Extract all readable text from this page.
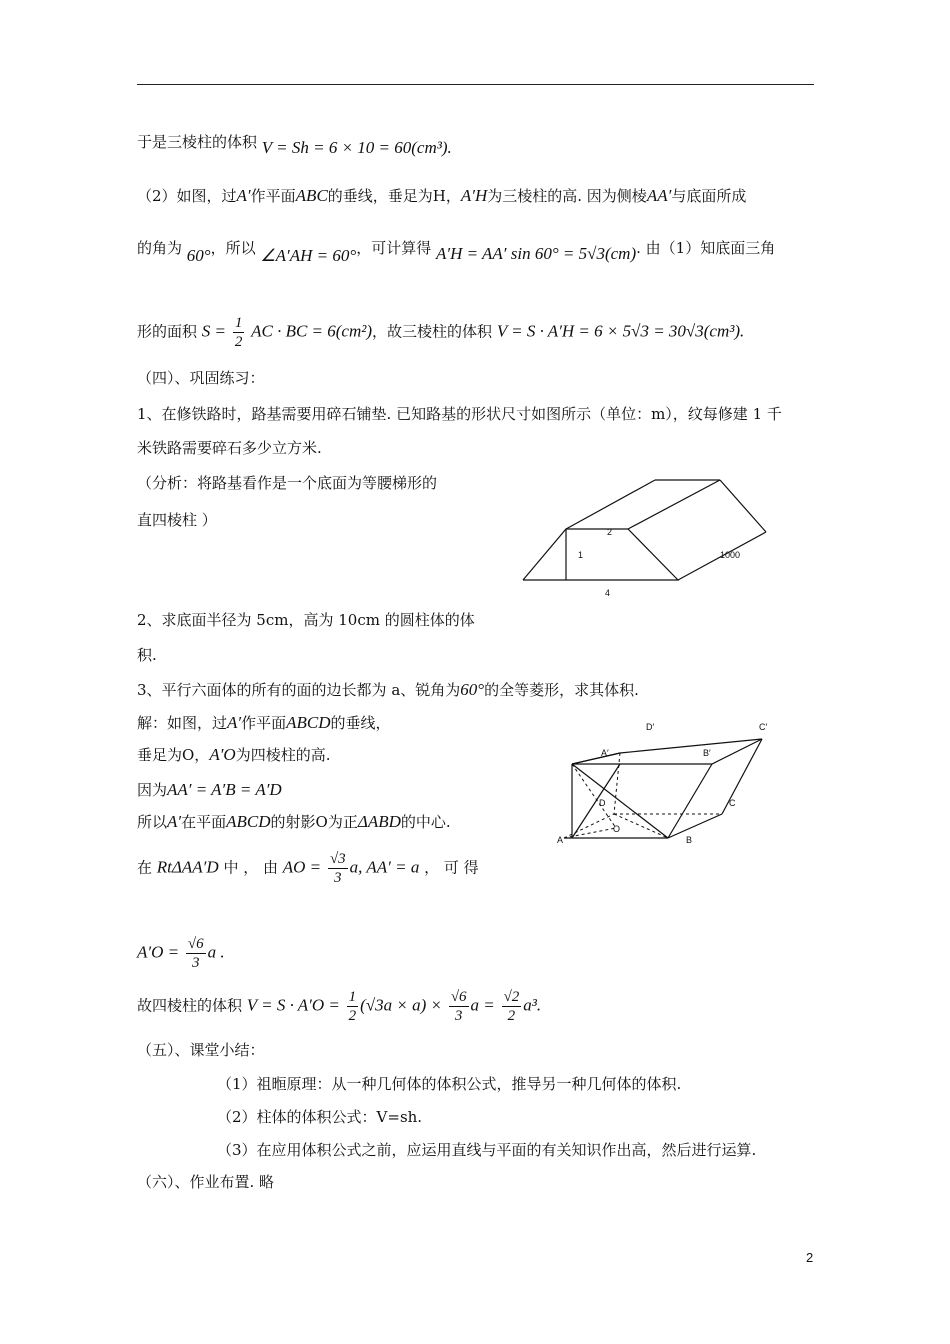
于是三棱柱的体积 V = Sh = 6 × 10 = 60(cm³).
（2）如图，过A′作平面ABC的垂线，垂足为H，A′H为三棱柱的高. 因为侧棱AA′与底面所成
的角为 60°，所以 ∠A′AH = 60°，可计算得 A′H = AA′ sin 60° = 5√3(cm). 由（1）知底面三角
形的面积 $S = \frac{1}{2}$ AC · BC = 6(cm²)，故三棱柱的体积 V = S · A′H = 6 × 5√3 = 30√3(cm³).
（四）、巩固练习：
1、在修铁路时，路基需要用碎石铺垫. 已知路基的形状尺寸如图所示（单位：m），纹每修建 1 千
米铁路需要碎石多少立方米.
（分析：将路基看作是一个底面为等腰梯形的
直四棱柱 ）
2
1	1000
4
2、求底面半径为 5cm，高为 10cm 的圆柱体的体
积.
3、平行六面体的所有的面的边长都为 a、锐角为60°的全等菱形，求其体积.
解：如图，过A′作平面ABCD的垂线，
垂足为O，A′O为四棱柱的高.
因为AA′ = A′B = A′D
所以A′在平面ABCD的射影O为正ΔABD的中心.
在 RtΔAA′D 中 ， 由 AO = $\frac{√3}{3} a$, AA′ = a ， 可 得
D′	C′
A′	B′
D	C
O
A	B
$A'O = \frac{√6}{3}$ a .
故四棱柱的体积 $V = S \cdot A'O = \frac{1}{2} (√3a \times a) \times \frac{√6}{3}$ $a = \frac{√2}{2} a^3$.
（五）、课堂小结：
（1）祖暅原理：从一种几何体的体积公式，推导另一种几何体的体积.
（2）柱体的体积公式：V=sh.
（3）在应用体积公式之前，应运用直线与平面的有关知识作出高，然后进行运算.
（六）、作业布置. 略
2
